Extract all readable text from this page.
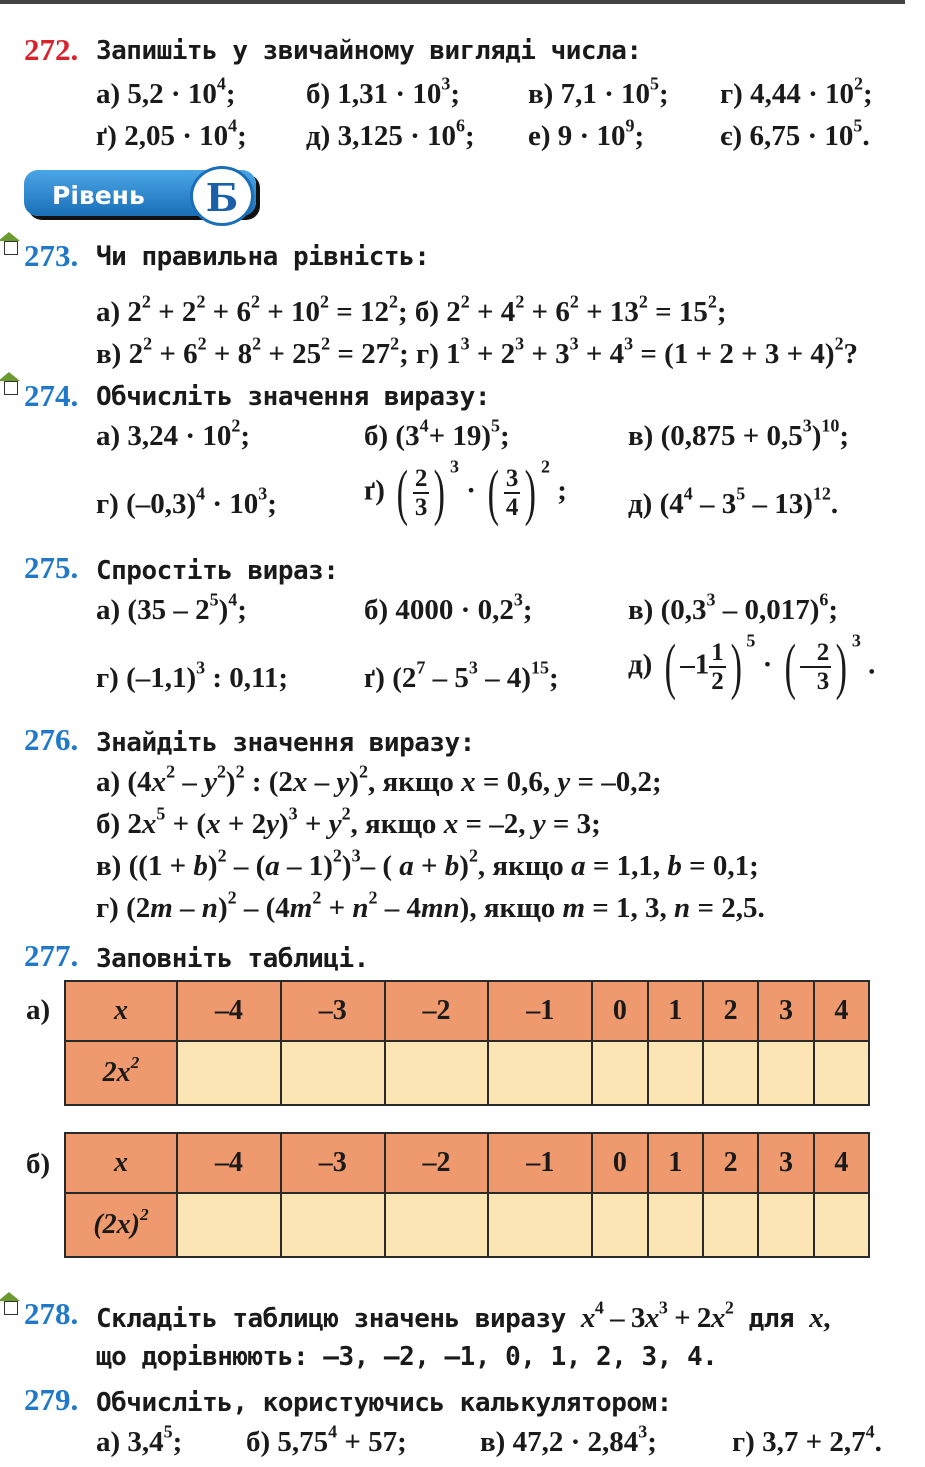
272. Запишіть у звичайному вигляді числа:
а) $5,2 \cdot 10^4$; б) $1,31 \cdot 10^3$; в) $7,1 \cdot 10^5$; г) $4,44 \cdot 10^2$;
ґ) $2,05 \cdot 10^4$; д) $3,125 \cdot 10^6$; е) $9 \cdot 10^9$;	є) $6,75 \cdot 10^5$.
Рівень	Б
273. Чи правильна рівність:
а) $2^2 + 2^2 + 6^2 + 10^2 = 12^2$; б) $2^2 + 4^2 + 6^2 + 13^2 = 15^2$;
в) $2^2 + 6^2 + 8^2 + 25^2 = 27^2$; г) $1^3 + 2^3 + 3^3 + 4^3 = (1 + 2 + 3 + 4)^2$?
274. Обчисліть значення виразу:
а) $3,24 \cdot 10^2$;	б) $(3^4+ 19)^5$;	в) $(0,875 + 0,5^3)^{10}$;
г) $(-0,3)^4 \cdot 10^3$;	ґ) ( $\frac{2}{3}$ ) $^3$ · ( $\frac{3}{4}$ ) $^2$ ; д) $(4^4 - 3^5 - 13)^{12}$.
275. Спростіть вираз:
а) $(35 - 2^5)^4$;	б) $4000 \cdot 0,2^3$;	в) $(0,3^3 - 0,017)^6$;
г) $(-1,1)^3$ : 0,11;	ґ) $(2^7 - 5^3 - 4)^{15}$; д) ( $-1 \frac{1}{2}$ ) $^5$ · ( – $\frac{2}{3}$ ) $^3$ .
276. Знайдіть значення виразу:
а) $(4x^2 - y^2)^2$ : (2x – y)$^2$, якщо x = 0,6, y = –0,2;
б) $2x^5 + (x + 2y)^3 + y^2$, якщо x = –2, y = 3;
в) $((1 + b)^2 - (a - 1)^2)^3-$ ( a + b)$^2$, якщо a = 1,1, b = 0,1;
г) $(2m - n)^2 - (4m^2 + n^2 - 4mn)$, якщо m = 1, 3, n = 2,5.
277. Заповніть таблиці.
а) x	–4	–3	–2	–1	0	1	2	3	4
$2x^2$									
б) x	–4	–3	–2	–1	0	1	2	3	4
$(2x)^2$									
278. Складіть таблицю значень виразу $x^4 - 3x^3 + 2x^2$ для x,
що дорівнюють: –3, –2, –1, 0, 1, 2, 3, 4.
279. Обчисліть, користуючись калькулятором:
а) $3,4^5$; б) $5,75^4 + 57$;	в) $47,2 \cdot 2,84^3$;	г) $3,7 + 2,7^4$.
